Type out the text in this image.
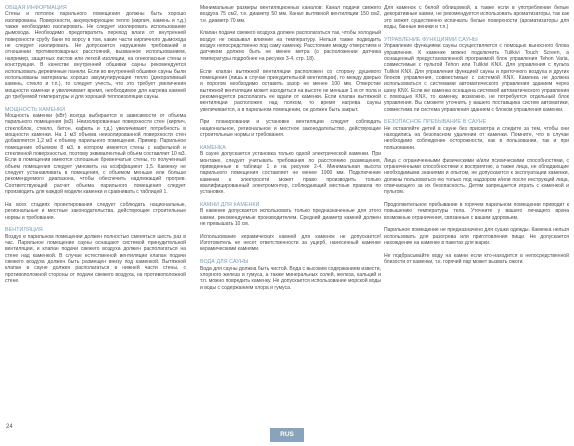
ОБЩАЯ ИНФОРМАЦИЯ
Стены и потолок парильного помещения должны быть хорошо изолированы. Поверхности, аккумулирующие тепло (кирпич, камень и т.д.) также необходимо изолировать. Не следует изолировать использование дымохода. Необходимо предотвратить переход влаги от внутренней поверхности срубу бани по ворсу в том, какие части кирпичного дымохода не следует изолировать. Не допускается нарушение требований в отношении противопожарных расстояний, вызванное использованием, например, защитных листов или легкой изоляции, на огнеопасные стены и конструкции. В качестве внутренней обшивки сауны рекомендуется использовать деревянные панели. Если во внутренней обшивке сауны были использованы материалы хорошо аккумулирующие тепло (декоративный камень, стекло и т.п.), то следует учесть, что это требует увеличения мощности каменки и увеличивает время, необходимое для нагрева камней до требуемой температуры и для хорошей теплоизоляции сауны.
МОЩНОСТЬ КАМЕНКИ
Мощность каменки (кВт) всегда выбирается в зависимости от объема парильного помещения (м3). Неизолированные поверхности стен (кирпич, стеклоблок, стекло, бетон, кафель и т.д.) увеличивают потребность в мощности каменки. На 1 м3 объема неизолированной поверхности стен добавляется 1,2 м3 к объему парильного помещения. Пример. Парильное помещение объемом 8 м3, в котором имеются стены с кафельной и стеклянной поверхностью, поэтому эквивалентный объем составляет 10 м3. Если в помещении имеются сплошные бревенчатые стены, то полученный объем помещения следует умножить на коэффициент 1,5. Каменку не следует устанавливать в помещения, с объемом меньше или больше рекомендуемого диапазона, чтобы обеспечить надлежащий прогрев. Соответствующий расчет объема парильного помещения следует производить для каждой модели каменки и сравнивать с таблицей 1.
На всех стадиях проектирования следует соблюдать национальные, региональные и местные законодательства, действующие строительные нормы и требования.
ВЕНТИЛЯЦИЯ
Воздух в парильном помещении должен полностью сменяться шесть раз в час. Парильное помещение сауны оснащают системой принудительной вентиляции, и клапан подачи свежего воздуха должен располагаться на стене над каменкой. В случае естественной вентиляции клапан подачи свежего воздуха должен быть размещен внизу под каменкой. Вытяжной клапан в сауне должен располагаться в нижней части стены, с противоположной стороны от подачи свежего воздуха, на противоположной стене.
Минимальные размеры вентиляционных каналов: Канал подачи свежего воздуха 75 см2, т.е. диаметр 50 мм. Канал вытяжной вентиляции 150 см2, т.е. диаметр 70 мм.
Клапан подачи свежего воздуха должен располагаться так, чтобы холодный воздух не оказывал влияние на температуру. Нельзя также подводить воздух непосредственно под саму каменку. Расстояние между отверстием и датчиком должно быть не менее метра (о расположении датчика температуры подробнее на рисунке 3-4, стр. 18).
Если клапан вытяжной вентиляции расположен со сторону душевого помещения (лишь в случае принудительной вентиляции), то между дверью и порогом необходимо оставить зазор не менее 100 мм. Отверстие вытяжной вентиляции может находиться на высоте не меньше 1 м от пола и рекомендуется располагать ее вдали от каменки. Если клапан вытяжной вентиляции расположен над полком, то время нагрева сауны увеличивается, а в парильном помещении, он должен быть закрыт.
При планировании и установке вентиляции следует соблюдать национальное, региональное и местное законодательство, действующие строительные нормы и требования.
КАМЕНКА
В сауне допускается установка только одной электрической каменки. При монтаже, следует учитывать требования по расстоянию размещения, приведенные в таблице 1 и на рисунке 2-4. Минимальная высота парильного помещения составляет не менее 1900 мм. Подключение каменки к электросети может право производить только квалифицированный электромонтер, соблюдающий местные правила по установке.
КАМНИ ДЛЯ КАМЕНКИ
В каменке допускается использовать только предназначенные для этого камни, рекомендуемые производителем. Средний диаметр камней должен не превышать 10 см.
Использование керамических камней для каменок не допускается! Изготовитель не несет ответственности за ущерб, нанесенный каменке керамическими камнями.
ВОДА ДЛЯ САУНЫ
Вода для сауны должна быть чистой. Вода с высоким содержанием извести, хлорного железа и гумуса, а также минеральных солей, железа, кальций и т.п. можно повредить каменку. Не допускается использование морской воды и воды с содержанием хлора и гумуса.
Для каменок с белой облицовкой, а также если в употреблении белые декоративные камни, не рекомендуется использовать ароматизаторы, так как это может существенно испачкать белые поверхности (ароматизаторы для воды, банные веники и т.п.)
УПРАВЛЕНИЕ ФУНКЦИЯМИ САУНЫ
Управление функциями сауны осуществляется с помощью выносного блока управления. К каменке можно подключить Tulikivi Touch Screen, а оснащенный предустановленной программой блок управления Tehon Varia, совместимые с пультой Tehon или Tulikivi KNX. Для управления с пульта Tulikivi KNX. Для управления функцией сауны и приточного воздуха и других блоков управления, совместимые с системой KNX. Каменка не должна использоваться с системами автоматического управления зданием через шину KNX. Если же каменка оснащена системой автоматического управления с помощью KNX, то каменку, возможно, не потребуется отдельный блок управления. Вы сможете уточнить у вашего поставщика систем автоматики, совместима ли система управления зданием с блоком управления каменки.
БЕЗОПАСНОЕ ПРЕБЫВАНИЕ В САУНЕ
Не оставляйте детей в сауне без присмотра и следите за тем, чтобы они находились на безопасном удалении от каменки. Помните, что в случае необходимо соблюдение осторожности, как в пользовании, так и при пользовании.
Лица с ограниченными физическими и/или психическими способностями, с ограниченными способностями к восприятию, а также лица, не обладающие необходимыми знаниями и опытом, не допускаются к эксплуатации каменки, должны пользоваться ею только под надзором и/или после инструкций лица, отвечающего за их безопасность. Детям запрещается играть с каменкой и пультом.
Продолжительное пребывание в горячем парильном помещении приводит к повышению температуры тела. Уточните у вашего лечащего врача возможные ограничения, связанные с вашим здоровьем.
Парильное помещение не предназначено для сушки одежды. Каменка нельзя использовать для разогрева или приготовления пищи. Не допускается нахождение на каменке в пакетах для жарки.
Не подбрасывайте воду на камни если кто-находится в непосредственной близости от каменки, т.к. горячий пар может вызвать ожоги.
24
RUS
